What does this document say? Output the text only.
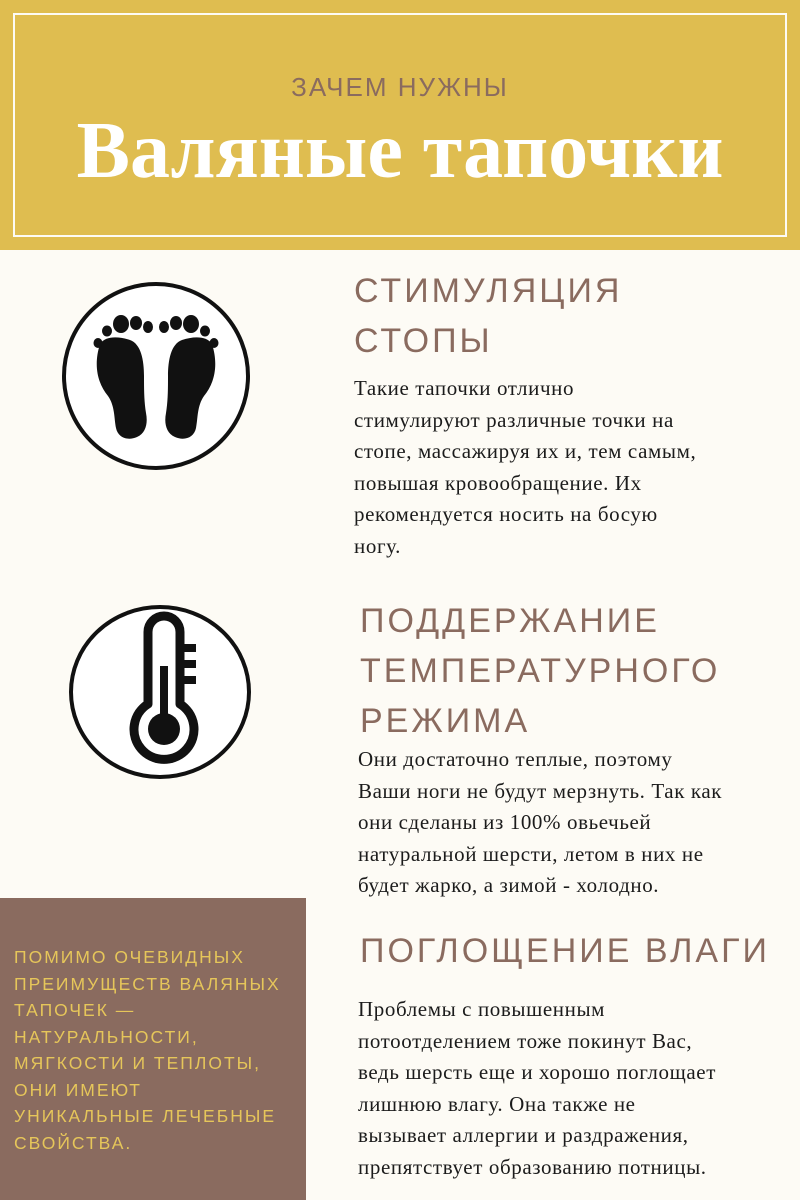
ЗАЧЕМ НУЖНЫ
Валяные тапочки
СТИМУЛЯЦИЯ
СТОПЫ
Такие тапочки отлично
стимулируют различные точки на
стопе, массажируя их и, тем самым,
повышая кровообращение. Их
рекомендуется носить на босую
ногу.
ПОДДЕРЖАНИЕ
ТЕМПЕРАТУРНОГО
РЕЖИМА
Они достаточно теплые, поэтому
Ваши ноги не будут мерзнуть. Так как
они сделаны из 100% овьечьей
натуральной шерсти, летом в них не
будет жарко, а зимой - холодно.
ПОГЛОЩЕНИЕ ВЛАГИ
Проблемы с повышенным
потоотделением тоже покинут Вас,
ведь шерсть еще и хорошо поглощает
лишнюю влагу. Она также не
вызывает аллергии и раздражения,
препятствует образованию потницы.
ПОМИМО ОЧЕВИДНЫХ
ПРЕИМУЩЕСТВ ВАЛЯНЫХ
ТАПОЧЕК —
НАТУРАЛЬНОСТИ,
МЯГКОСТИ И ТЕПЛОТЫ,
ОНИ ИМЕЮТ
УНИКАЛЬНЫЕ ЛЕЧЕБНЫЕ
СВОЙСТВА.
